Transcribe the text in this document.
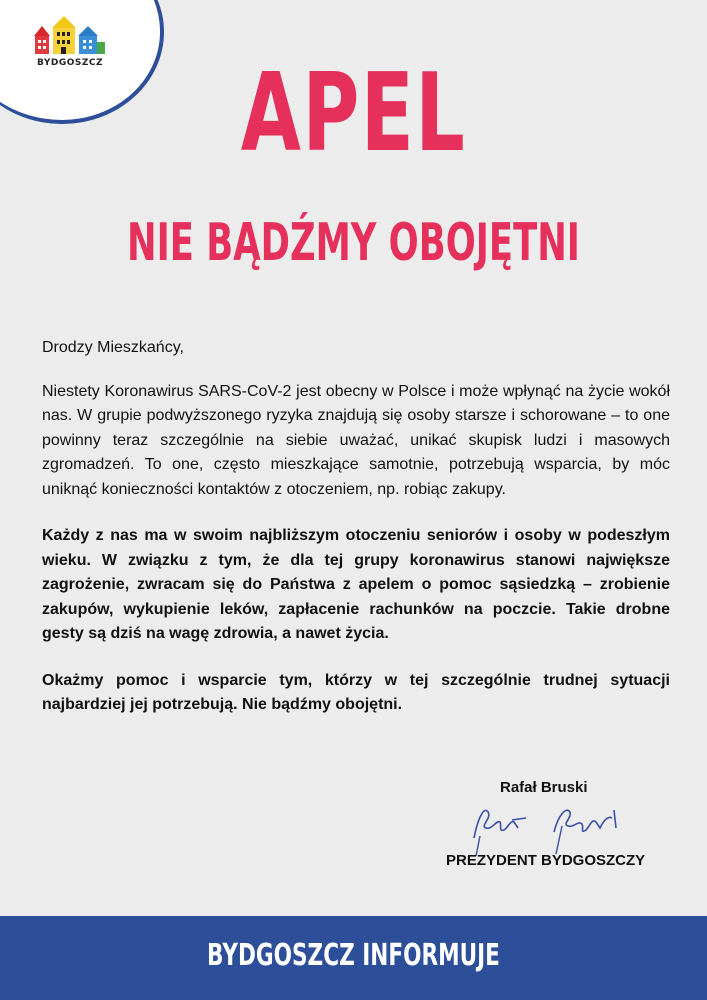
BYDGOSZCZ	APEL
NIE BĄDŹMY OBOJĘTNI

Drodzy Mieszkańcy,

Niestety Koronawirus SARS-CoV-2 jest obecny w Polsce i może wpłynąć na życie wokół nas. W grupie podwyższonego ryzyka znajdują się osoby starsze i schorowane – to one powinny teraz szczególnie na siebie uważać, unikać skupisk ludzi i masowych zgromadzeń. To one, często mieszkające samotnie, potrzebują wsparcia, by móc uniknąć konieczności kontaktów z otoczeniem, np. robiąc zakupy.

Każdy z nas ma w swoim najbliższym otoczeniu seniorów i osoby w podeszłym wieku. W związku z tym, że dla tej grupy koronawirus stanowi największe zagrożenie, zwracam się do Państwa z apelem o pomoc sąsiedzką – zrobienie zakupów, wykupienie leków, zapłacenie rachunków na poczcie. Takie drobne gesty są dziś na wagę zdrowia, a nawet życia.

Okażmy pomoc i wsparcie tym, którzy w tej szczególnie trudnej sytuacji najbardziej jej potrzebują. Nie bądźmy obojętni.

Rafał Bruski
PREZYDENT BYDGOSZCZY
BYDGOSZCZ INFORMUJE
